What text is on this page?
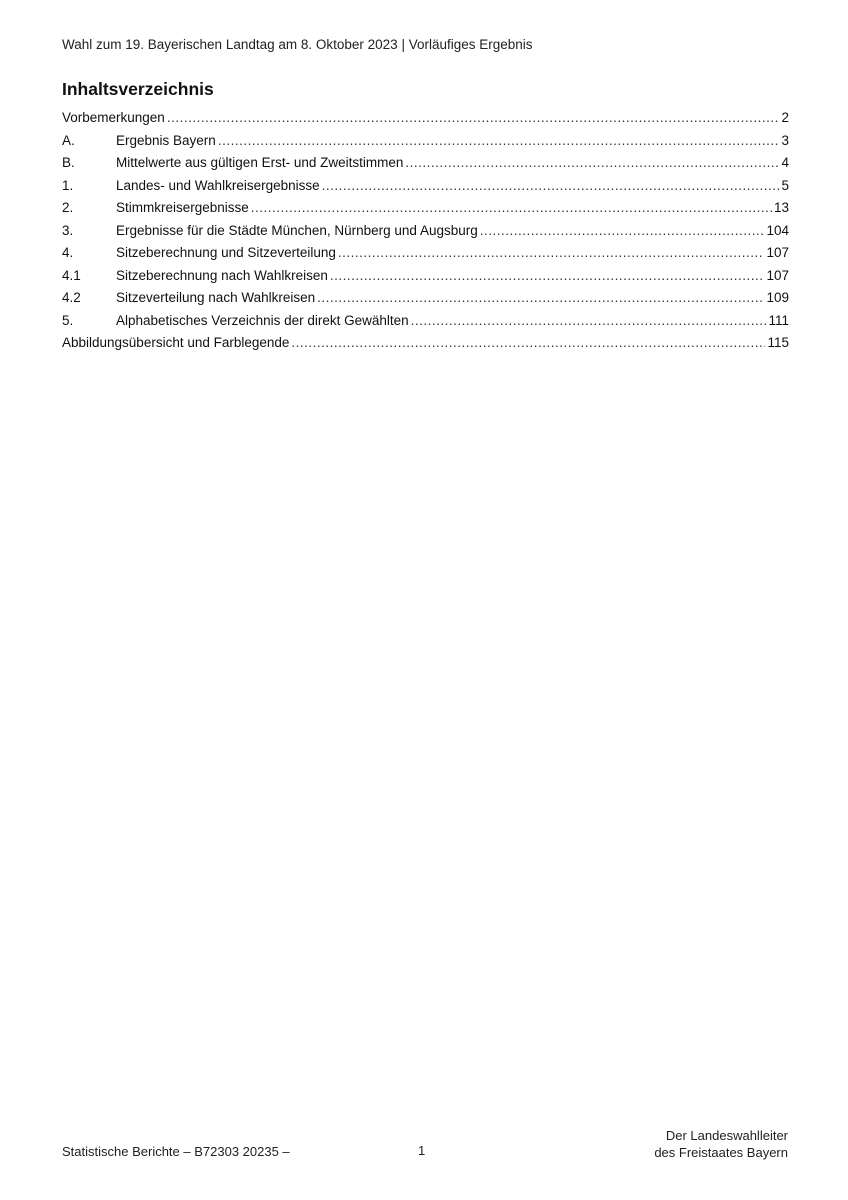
Wahl zum 19. Bayerischen Landtag am 8. Oktober 2023 | Vorläufiges Ergebnis
Inhaltsverzeichnis
Vorbemerkungen .....	2
A.	Ergebnis Bayern .....	3
B.	Mittelwerte aus gültigen Erst- und Zweitstimmen .....	4
1.	Landes- und Wahlkreisergebnisse .....	5
2.	Stimmkreisergebnisse .....	13
3.	Ergebnisse für die Städte München, Nürnberg und Augsburg .....	104
4.	Sitzeberechnung und Sitzeverteilung .....	107
4.1	Sitzeberechnung nach Wahlkreisen .....	107
4.2	Sitzeverteilung nach Wahlkreisen .....	109
5.	Alphabetisches Verzeichnis der direkt Gewählten .....	111
Abbildungsübersicht und Farblegende .....	115
Statistische Berichte – B72303 20235 –	1
Der Landeswahlleiter
des Freistaates Bayern
